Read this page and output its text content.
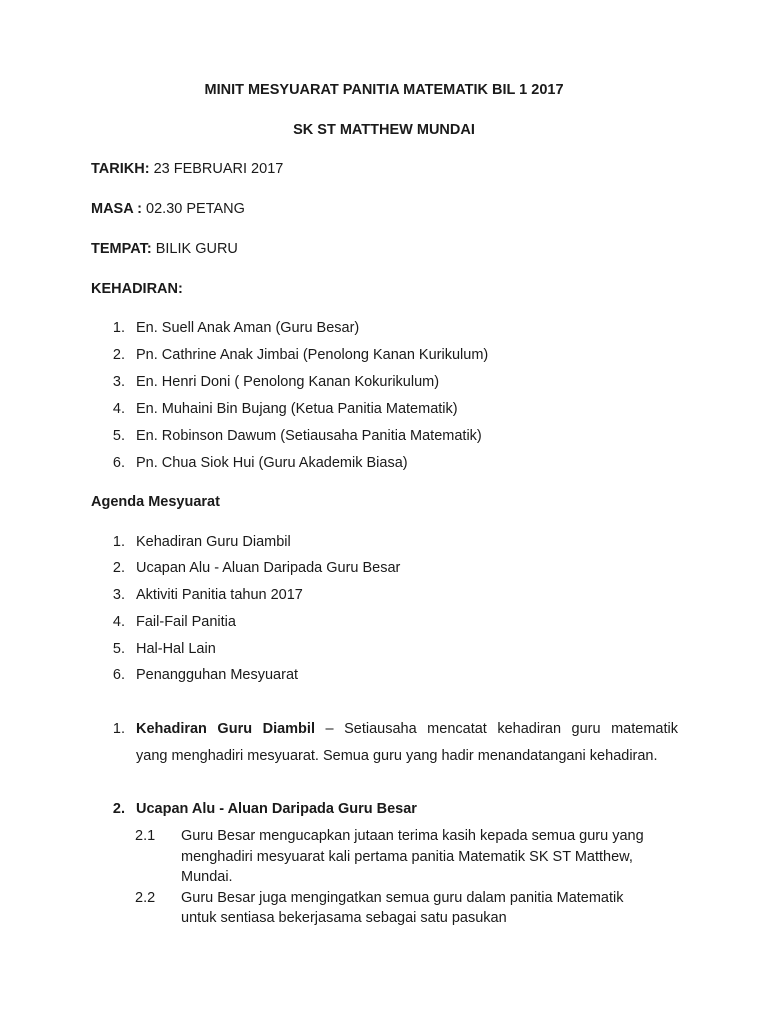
MINIT MESYUARAT PANITIA MATEMATIK BIL 1 2017
SK ST MATTHEW MUNDAI
TARIKH: 23 FEBRUARI 2017
MASA : 02.30 PETANG
TEMPAT: BILIK GURU
KEHADIRAN:
1. En. Suell Anak Aman (Guru Besar)
2. Pn. Cathrine Anak Jimbai (Penolong Kanan Kurikulum)
3. En. Henri Doni ( Penolong Kanan Kokurikulum)
4. En. Muhaini Bin Bujang (Ketua Panitia Matematik)
5. En. Robinson Dawum (Setiausaha Panitia Matematik)
6. Pn. Chua Siok Hui (Guru Akademik Biasa)
Agenda Mesyuarat
1. Kehadiran Guru Diambil
2. Ucapan Alu - Aluan Daripada Guru Besar
3. Aktiviti Panitia tahun 2017
4. Fail-Fail Panitia
5. Hal-Hal Lain
6. Penangguhan Mesyuarat
1. Kehadiran Guru Diambil – Setiausaha mencatat kehadiran guru matematik
yang menghadiri mesyuarat. Semua guru yang hadir menandatangani kehadiran.
2. Ucapan Alu - Aluan Daripada Guru Besar
2.1 Guru Besar mengucapkan jutaan terima kasih kepada semua guru yang
menghadiri mesyuarat kali pertama panitia Matematik SK ST Matthew,
Mundai.
2.2 Guru Besar juga mengingatkan semua guru dalam panitia Matematik
untuk sentiasa bekerjasama sebagai satu pasukan
